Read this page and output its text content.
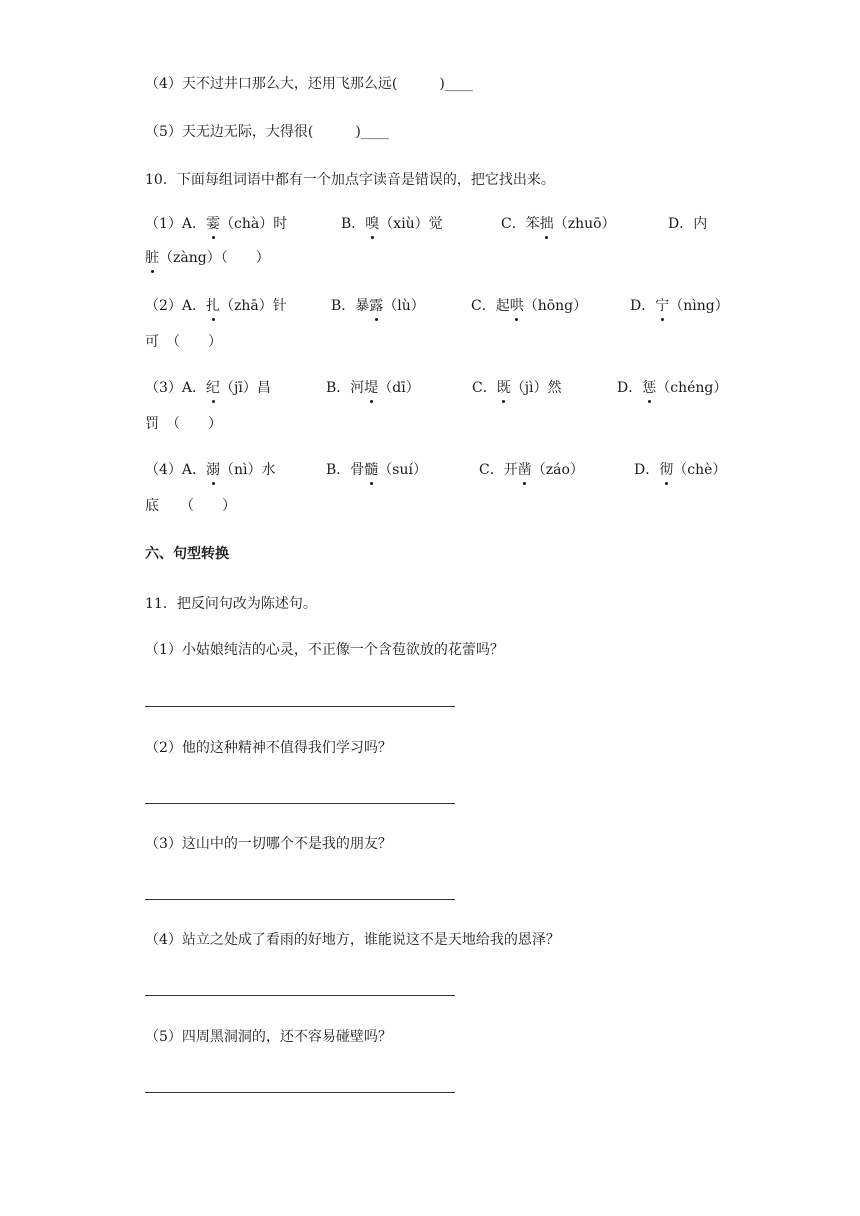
（4）天不过井口那么大，还用飞那么远(　　　)____
（5）天无边无际，大得很(　　　)____
10．下面每组词语中都有一个加点字读音是错误的，把它找出来。
（1）A．霎（chà）时	B．嗅（xiù）觉	C．笨拙（zhuō）	D．内
脏（zàng）（　　）
（2）A．扎（zhā）针	B．暴露（lù）	C．起哄（hōng）	D．宁（nìng）
可　（　　）
（3）A．纪（jī）昌	B．河堤（dī）	C．既（jì）然	D．惩（chéng）
罚　（　　）
（4）A．溺（nì）水	B．骨髓（suí）	C．开凿（záo）	D．彻（chè）
底　　（　　）
六、句型转换
11．把反问句改为陈述句。
（1）小姑娘纯洁的心灵，不正像一个含苞欲放的花蕾吗？
（2）他的这种精神不值得我们学习吗？
（3）这山中的一切哪个不是我的朋友？
（4）站立之处成了看雨的好地方，谁能说这不是天地给我的恩泽？
（5）四周黑洞洞的，还不容易碰壁吗？
